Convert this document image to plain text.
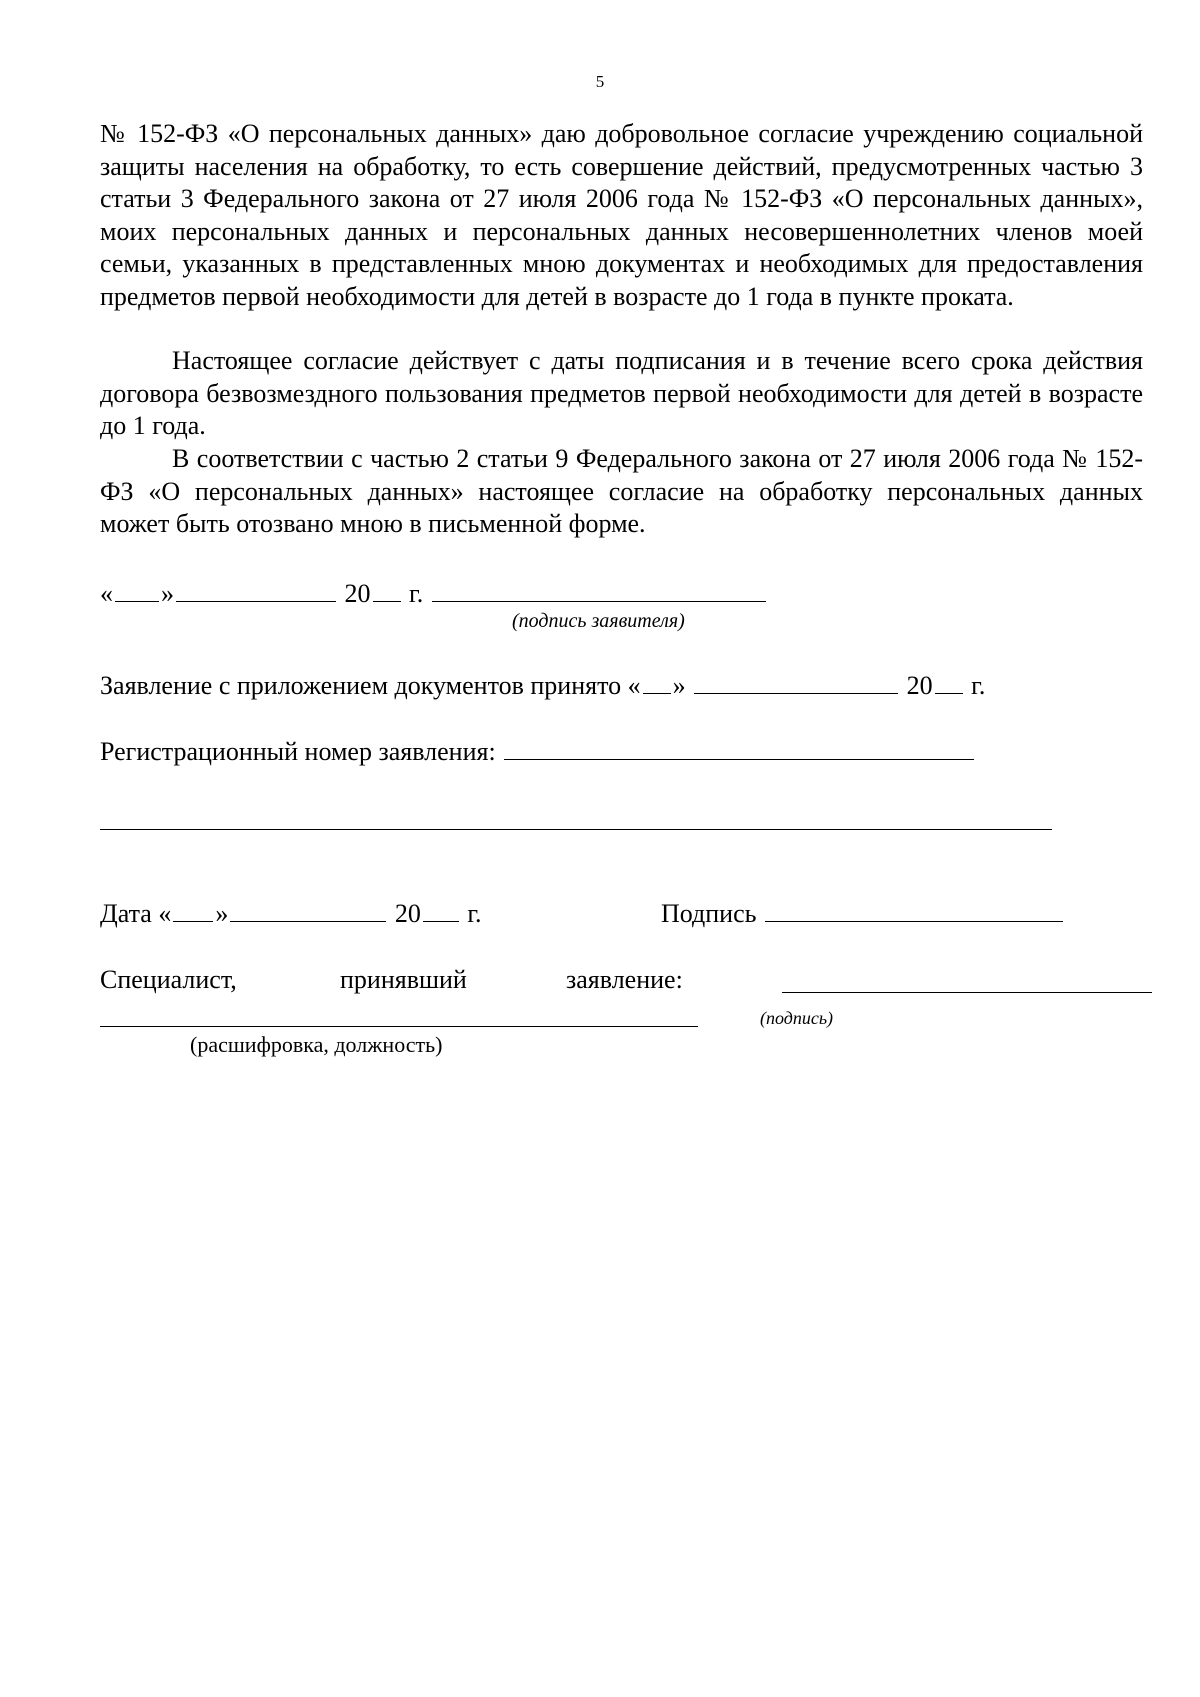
5

№ 152-ФЗ «О персональных данных» даю добровольное согласие учреждению социальной защиты населения на обработку, то есть совершение действий, предусмотренных частью 3 статьи 3 Федерального закона от 27 июля 2006 года № 152-ФЗ «О персональных данных», моих персональных данных и персональных данных несовершеннолетних членов моей семьи, указанных в представленных мною документах и необходимых для предоставления предметов первой необходимости для детей в возрасте до 1 года в пункте проката.

Настоящее согласие действует с даты подписания и в течение всего срока действия договора безвозмездного пользования предметов первой необходимости для детей в возрасте до 1 года.

В соответствии с частью 2 статьи 9 Федерального закона от 27 июля 2006 года № 152-ФЗ «О персональных данных» настоящее согласие на обработку персональных данных может быть отозвано мною в письменной форме.

« »	20 г.
(подпись заявителя)
Заявление с приложением документов принято « »	20 г.
Регистрационный номер заявления:
Дата « »	20 г.	Подпись
Специалист,	принявший	заявление:
(подпись)
(расшифровка, должность)
